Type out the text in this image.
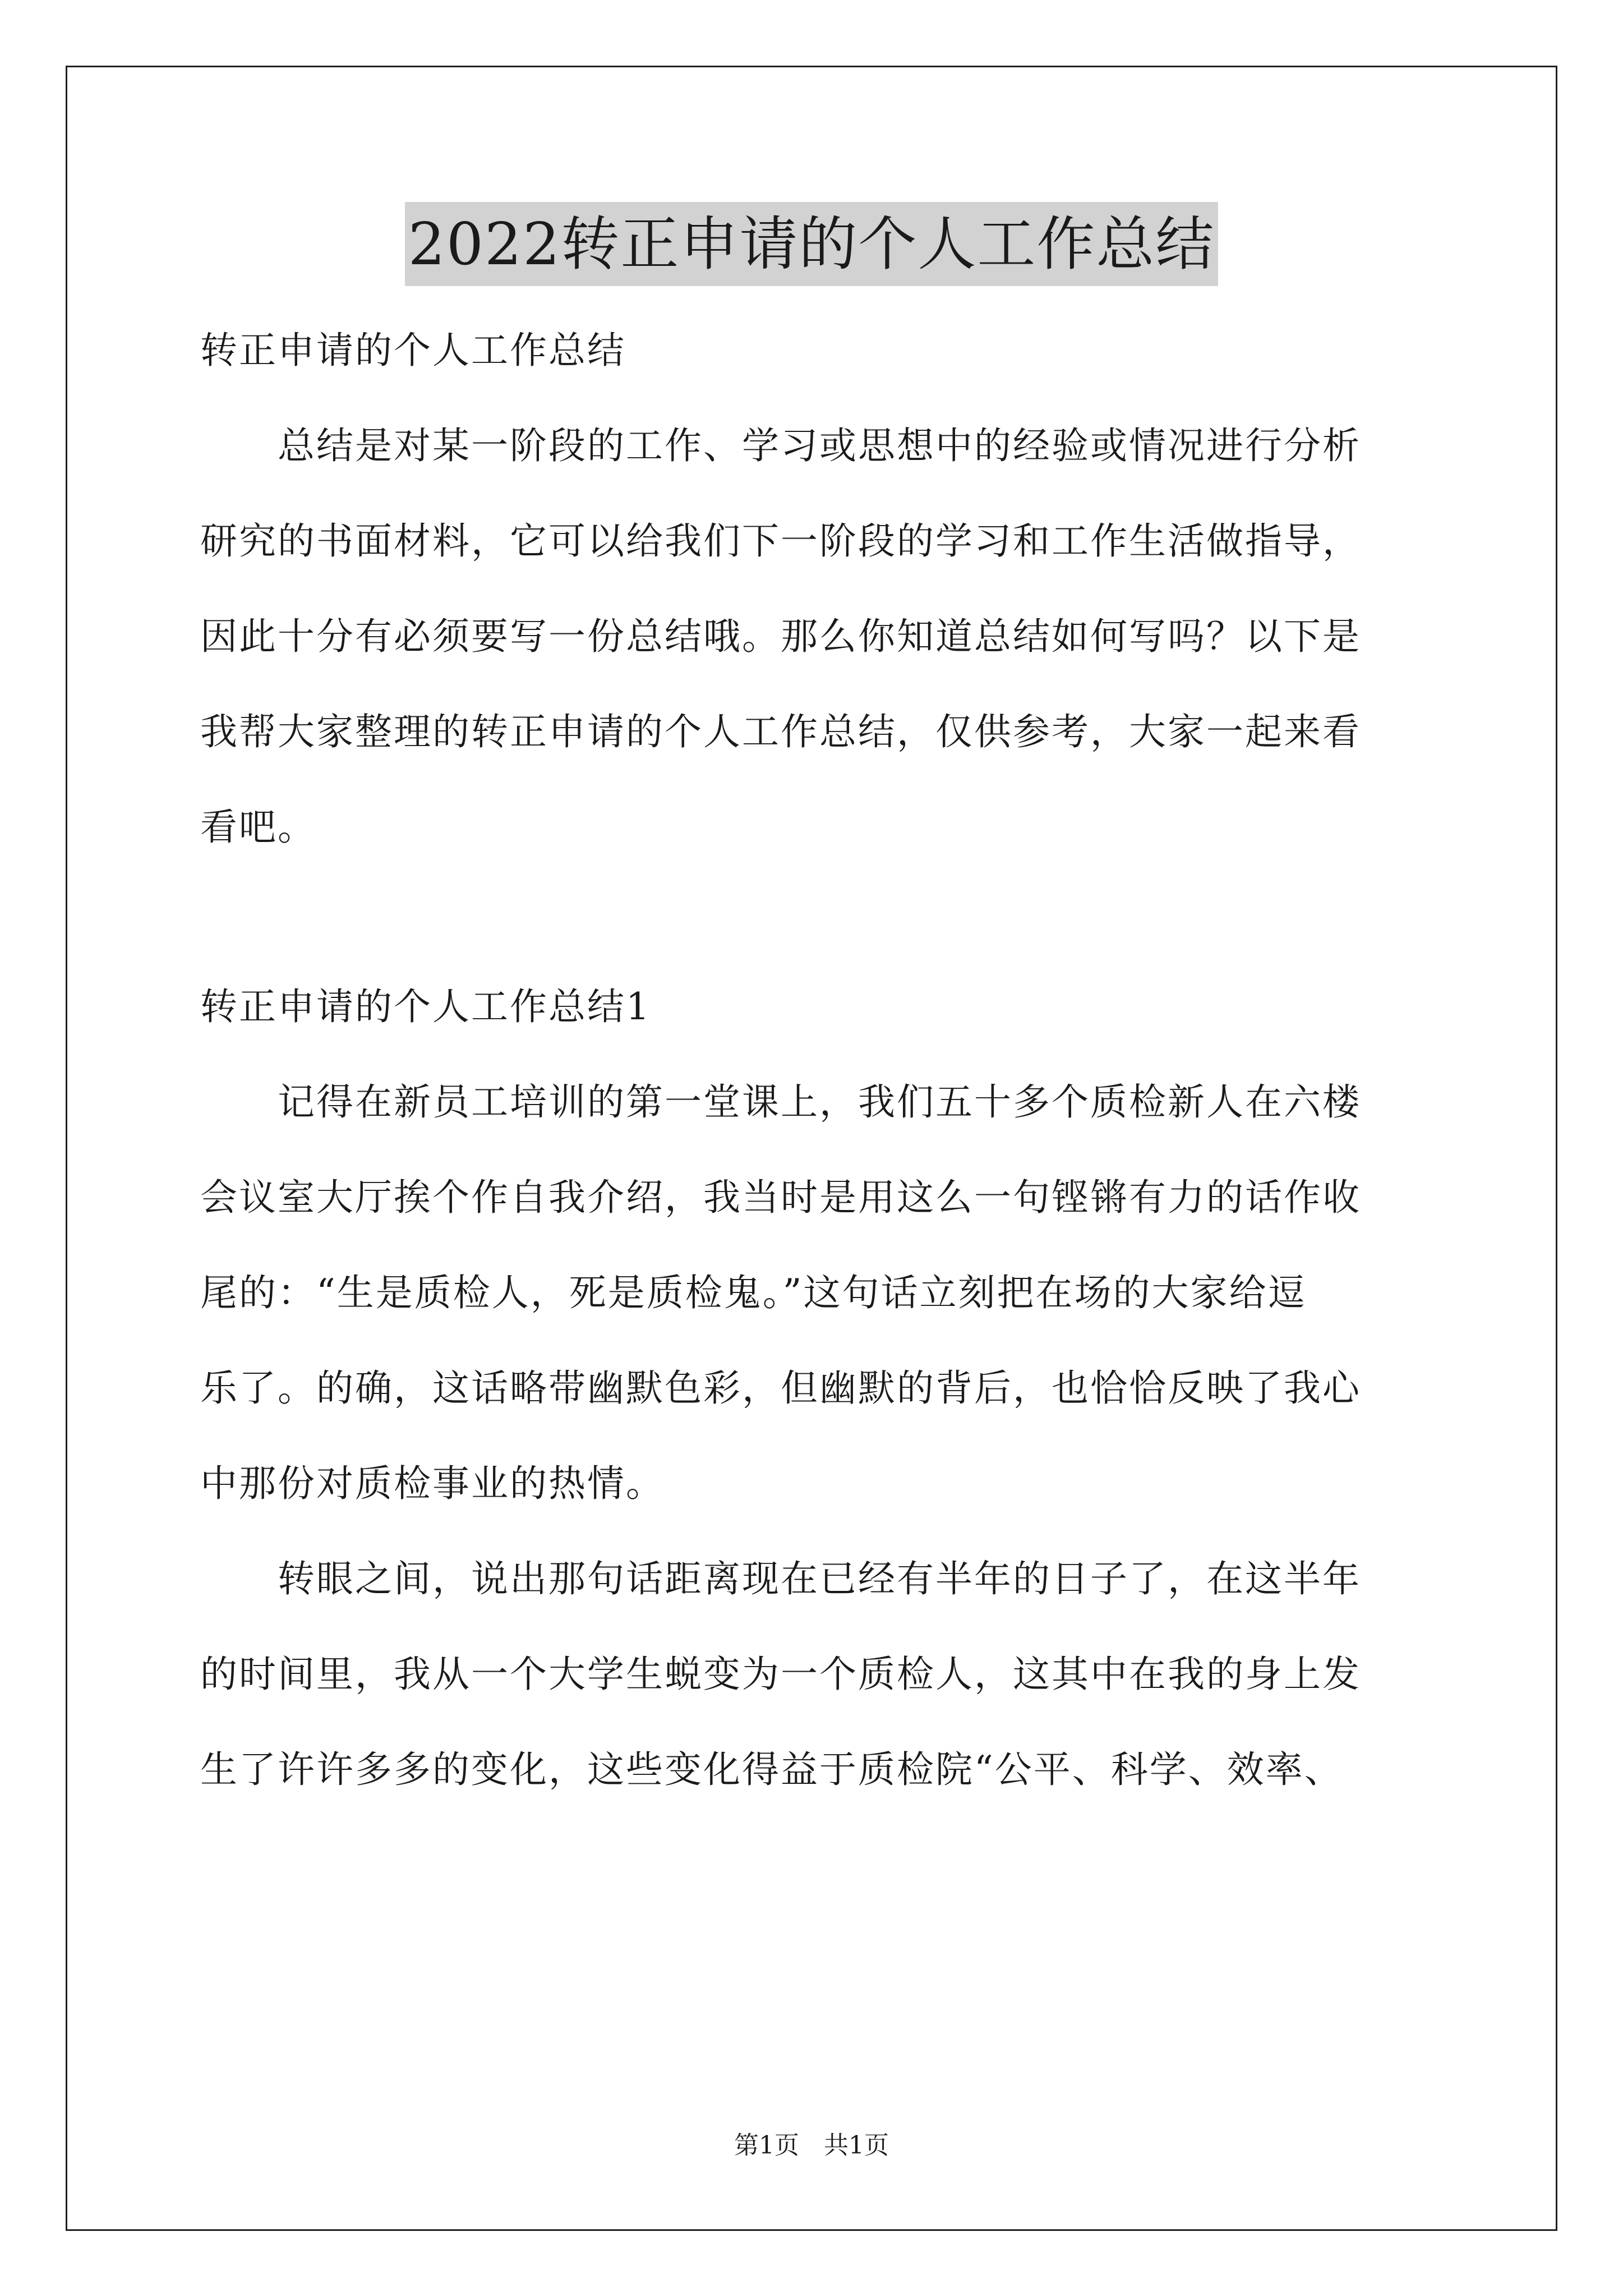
2022转正申请的个人工作总结
转正申请的个人工作总结
　　总结是对某一阶段的工作、学习或思想中的经验或情况进行分析
研究的书面材料，它可以给我们下一阶段的学习和工作生活做指导，
因此十分有必须要写一份总结哦。那么你知道总结如何写吗？以下是
我帮大家整理的转正申请的个人工作总结，仅供参考，大家一起来看
看吧。
转正申请的个人工作总结1
　　记得在新员工培训的第一堂课上，我们五十多个质检新人在六楼
会议室大厅挨个作自我介绍，我当时是用这么一句铿锵有力的话作收
尾的：“生是质检人，死是质检鬼。”这句话立刻把在场的大家给逗
乐了。的确，这话略带幽默色彩，但幽默的背后，也恰恰反映了我心
中那份对质检事业的热情。
　　转眼之间，说出那句话距离现在已经有半年的日子了，在这半年
的时间里，我从一个大学生蜕变为一个质检人，这其中在我的身上发
生了许许多多的变化，这些变化得益于质检院“公平、科学、效率、
第1页　共1页
